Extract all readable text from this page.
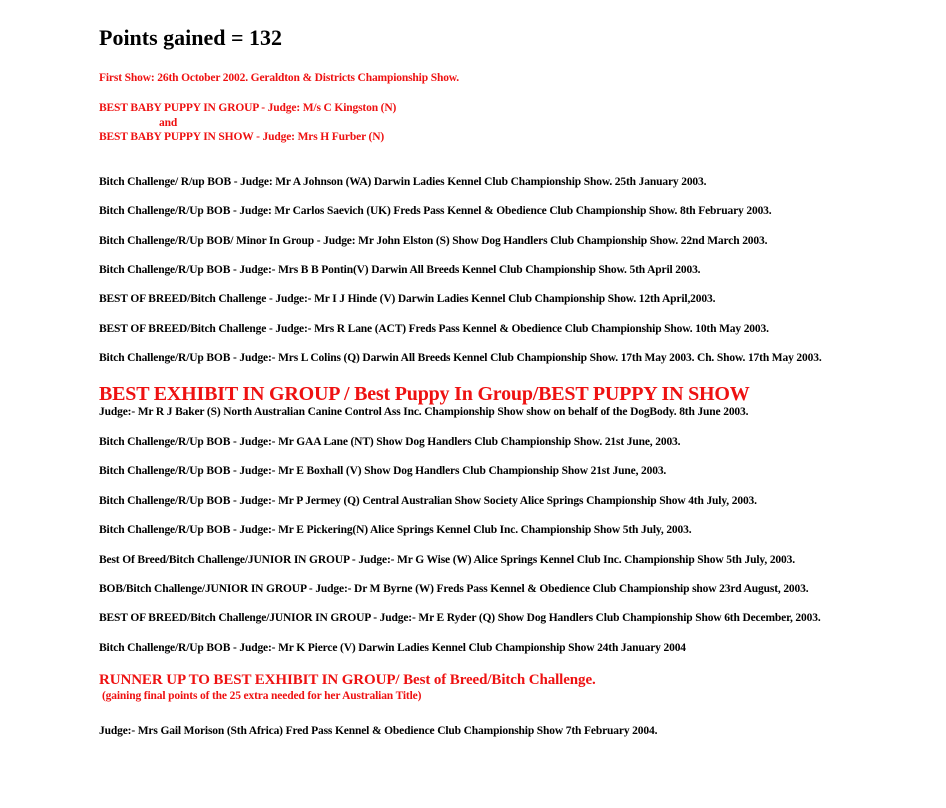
Points gained = 132
First Show: 26th October 2002. Geraldton & Districts Championship Show.
BEST BABY PUPPY IN GROUP - Judge: M/s C Kingston (N)
and
BEST BABY PUPPY IN SHOW - Judge: Mrs H Furber (N)
Bitch Challenge/ R/up BOB - Judge: Mr A Johnson (WA) Darwin Ladies Kennel Club Championship Show. 25th January 2003.
Bitch Challenge/R/Up BOB - Judge: Mr Carlos Saevich (UK) Freds Pass Kennel & Obedience Club Championship Show. 8th February 2003.
Bitch Challenge/R/Up BOB/ Minor In Group - Judge: Mr John Elston (S) Show Dog Handlers Club Championship Show. 22nd March 2003.
Bitch Challenge/R/Up BOB - Judge:- Mrs B B Pontin(V) Darwin All Breeds Kennel Club Championship Show. 5th April 2003.
BEST OF BREED/Bitch Challenge - Judge:- Mr I J Hinde (V) Darwin Ladies Kennel Club Championship Show. 12th April,2003.
BEST OF BREED/Bitch Challenge - Judge:- Mrs R Lane (ACT) Freds Pass Kennel & Obedience Club Championship Show. 10th May 2003.
Bitch Challenge/R/Up BOB - Judge:- Mrs L Colins (Q) Darwin All Breeds Kennel Club Championship Show. 17th May 2003. Ch. Show. 17th May 2003.
BEST EXHIBIT IN GROUP / Best Puppy In Group/BEST PUPPY IN SHOW
Judge:- Mr R J Baker (S) North Australian Canine Control Ass Inc. Championship Show show on behalf of the DogBody. 8th June 2003.
Bitch Challenge/R/Up BOB - Judge:- Mr GAA Lane (NT) Show Dog Handlers Club Championship Show. 21st June, 2003.
Bitch Challenge/R/Up BOB - Judge:- Mr E Boxhall (V) Show Dog Handlers Club Championship Show 21st June, 2003.
Bitch Challenge/R/Up BOB - Judge:- Mr P Jermey (Q) Central Australian Show Society Alice Springs Championship Show 4th July, 2003.
Bitch Challenge/R/Up BOB - Judge:- Mr E Pickering(N) Alice Springs Kennel Club Inc. Championship Show 5th July, 2003.
Best Of Breed/Bitch Challenge/JUNIOR IN GROUP - Judge:- Mr G Wise (W) Alice Springs Kennel Club Inc. Championship Show 5th July, 2003.
BOB/Bitch Challenge/JUNIOR IN GROUP - Judge:- Dr M Byrne (W) Freds Pass Kennel & Obedience Club Championship show 23rd August, 2003.
BEST OF BREED/Bitch Challenge/JUNIOR IN GROUP - Judge:- Mr E Ryder (Q) Show Dog Handlers Club Championship Show 6th December, 2003.
Bitch Challenge/R/Up BOB - Judge:- Mr K Pierce (V) Darwin Ladies Kennel Club Championship Show 24th January 2004
RUNNER UP TO BEST EXHIBIT IN GROUP/ Best of Breed/Bitch Challenge.
(gaining final points of the 25 extra needed for her Australian Title)
Judge:- Mrs Gail Morison (Sth Africa) Fred Pass Kennel & Obedience Club Championship Show 7th February 2004.
